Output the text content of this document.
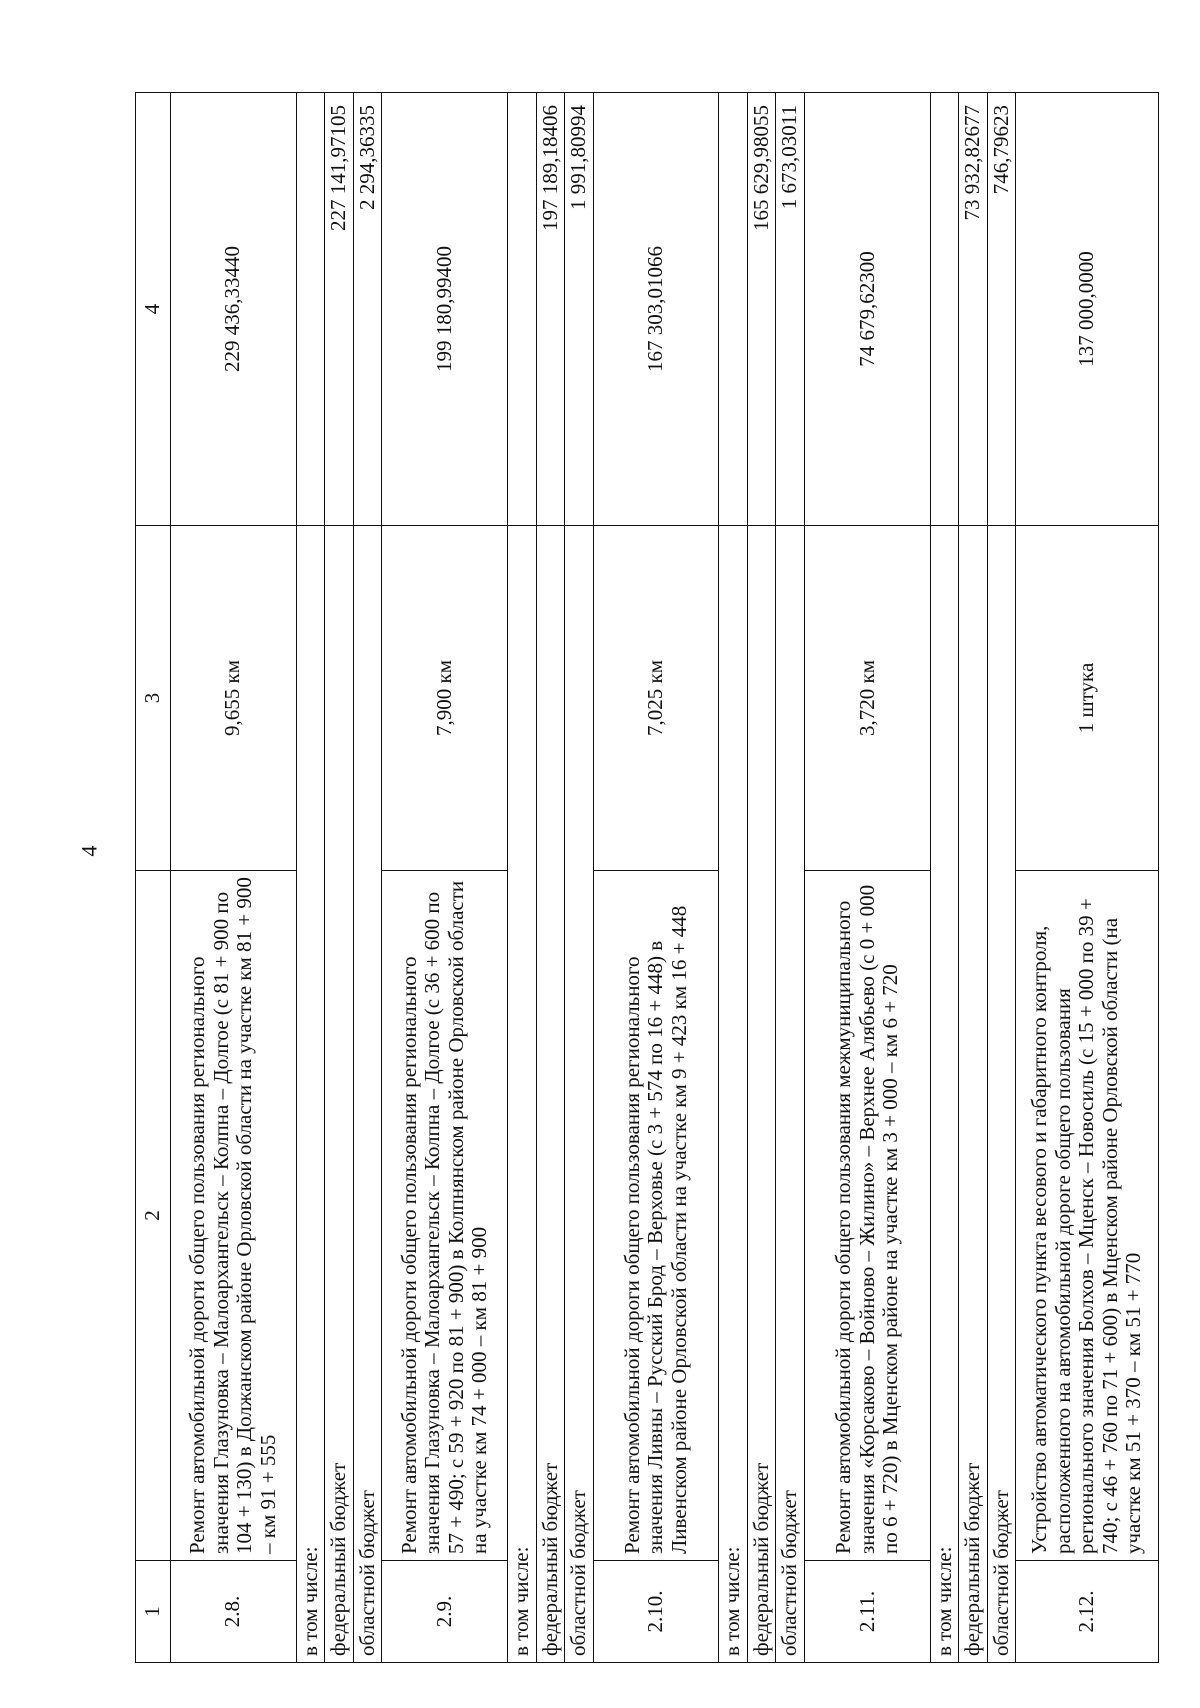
4
1	2	3	4
2.8.	Ремонт автомобильной дороги общего пользования регионального значения Глазуновка – Малоархангельск – Колпна – Долгое (с 81 + 900 по 104 + 130) в Должанском районе Орловской области на участке км 81 + 900 – км 91 + 555	9,655 км	229 436,33440
в том числе:			
федеральный бюджет			227 141,97105
областной бюджет			2 294,36335
2.9.	Ремонт автомобильной дороги общего пользования регионального значения Глазуновка – Малоархангельск – Колпна – Долгое (с 36 + 600 по 57 + 490; с 59 + 920 по 81 + 900) в Колпнянском районе Орловской области на участке км 74 + 000 – км 81 + 900	7,900 км	199 180,99400
в том числе:			
федеральный бюджет			197 189,18406
областной бюджет			1 991,80994
2.10.	Ремонт автомобильной дороги общего пользования регионального значения Ливны – Русский Брод – Верховье (с 3 + 574 по 16 + 448) в Ливенском районе Орловской области на участке км 9 + 423 км 16 + 448	7,025 км	167 303,01066
в том числе:			
федеральный бюджет			165 629,98055
областной бюджет			1 673,03011
2.11.	Ремонт автомобильной дороги общего пользования межмуниципального значения «Корсаково – Войново – Жилино» – Верхнее Алябьево (с 0 + 000 по 6 + 720) в Мценском районе на участке км 3 + 000 – км 6 + 720	3,720 км	74 679,62300
в том числе:			
федеральный бюджет			73 932,82677
областной бюджет			746,79623
2.12.	Устройство автоматического пункта весового и габаритного контроля, расположенного на автомобильной дороге общего пользования регионального значения Болхов – Мценск – Новосиль (с 15 + 000 по 39 + 740; с 46 + 760 по 71 + 600) в Мценском районе Орловской области (на участке км 51 + 370 – км 51 + 770	1 штука	137 000,0000
